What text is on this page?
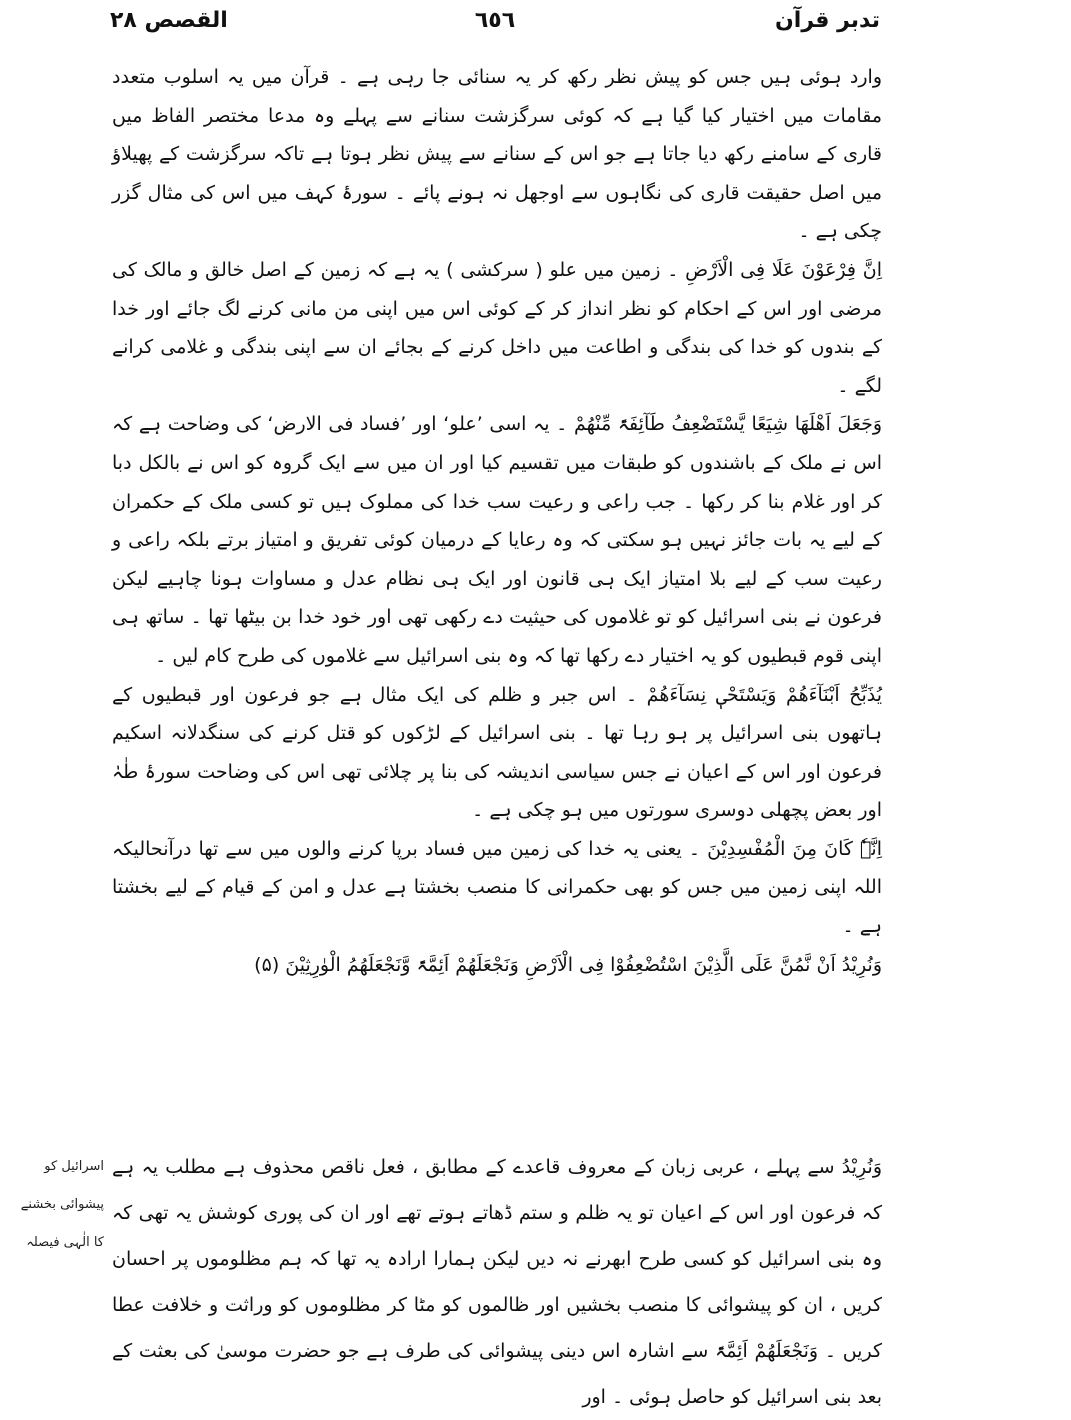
تدبر قرآن
٦٥٦
القصص ٢٨

وارد ہوئی ہیں جس کو پیش نظر رکھ کر یہ سنائی جا رہی ہے ۔ قرآن میں یہ اسلوب متعدد مقامات میں اختیار کیا گیا ہے کہ کوئی سرگزشت سنانے سے پہلے وہ مدعا مختصر الفاظ میں قاری کے سامنے رکھ دیا جاتا ہے جو اس کے سنانے سے پیش نظر ہوتا ہے تاکہ سرگزشت کے پھیلاؤ میں اصل حقیقت قاری کی نگاہوں سے اوجھل نہ ہونے پائے ۔ سورۂ کہف میں اس کی مثال گزر چکی ہے ۔

اِنَّ فِرْعَوْنَ عَلَا فِی الْاَرْضِ ۔ زمین میں علو ( سرکشی ) یہ ہے کہ زمین کے اصل خالق و مالک کی مرضی اور اس کے احکام کو نظر انداز کر کے کوئی اس میں اپنی من مانی کرنے لگ جائے اور خدا کے بندوں کو خدا کی بندگی و اطاعت میں داخل کرنے کے بجائے ان سے اپنی بندگی و غلامی کرانے لگے ۔

وَجَعَلَ اَھْلَھَا شِیَعًا یَّسْتَضْعِفُ طَآئِفَۃً مِّنْھُمْ ۔ یہ اسی ’علو‘ اور ’فساد فی الارض‘ کی وضاحت ہے کہ اس نے ملک کے باشندوں کو طبقات میں تقسیم کیا اور ان میں سے ایک گروہ کو اس نے بالکل دبا کر اور غلام بنا کر رکھا ۔ جب راعی و رعیت سب خدا کی مملوک ہیں تو کسی ملک کے حکمران کے لیے یہ بات جائز نہیں ہو سکتی کہ وہ رعایا کے درمیان کوئی تفریق و امتیاز برتے بلکہ راعی و رعیت سب کے لیے بلا امتیاز ایک ہی قانون اور ایک ہی نظام عدل و مساوات ہونا چاہیے لیکن فرعون نے بنی اسرائیل کو تو غلاموں کی حیثیت دے رکھی تھی اور خود خدا بن بیٹھا تھا ۔ ساتھ ہی اپنی قوم قبطیوں کو یہ اختیار دے رکھا تھا کہ وہ بنی اسرائیل سے غلاموں کی طرح کام لیں ۔

یُذَبِّحُ اَبْنَآءَھُمْ وَیَسْتَحْیٖ نِسَآءَھُمْ ۔ اس جبر و ظلم کی ایک مثال ہے جو فرعون اور قبطیوں کے ہاتھوں بنی اسرائیل پر ہو رہا تھا ۔ بنی اسرائیل کے لڑکوں کو قتل کرنے کی سنگدلانہ اسکیم فرعون اور اس کے اعیان نے جس سیاسی اندیشہ کی بنا پر چلائی تھی اس کی وضاحت سورۂ طٰہٰ اور بعض پچھلی دوسری سورتوں میں ہو چکی ہے ۔

اِنَّہٗ کَانَ مِنَ الْمُفْسِدِیْنَ ۔ یعنی یہ خدا کی زمین میں فساد برپا کرنے والوں میں سے تھا درآنحالیکہ اللہ اپنی زمین میں جس کو بھی حکمرانی کا منصب بخشتا ہے عدل و امن کے قیام کے لیے بخشتا ہے ۔

وَنُرِیْدُ اَنْ نَّمُنَّ عَلَی الَّذِیْنَ اسْتُضْعِفُوْا فِی الْاَرْضِ وَنَجْعَلَھُمْ اَئِمَّۃً وَّنَجْعَلَھُمُ الْوٰرِثِیْنَ (۵)

اسرائیل کو
پیشوائی بخشنے
کا الٰہی فیصلہ

وَنُرِیْدُ سے پہلے ، عربی زبان کے معروف قاعدے کے مطابق ، فعل ناقص محذوف ہے مطلب یہ ہے کہ فرعون اور اس کے اعیان تو یہ ظلم و ستم ڈھاتے ہوتے تھے اور ان کی پوری کوشش یہ تھی کہ وہ بنی اسرائیل کو کسی طرح ابھرنے نہ دیں لیکن ہمارا ارادہ یہ تھا کہ ہم مظلوموں پر احسان کریں ، ان کو پیشوائی کا منصب بخشیں اور ظالموں کو مٹا کر مظلوموں کو وراثت و خلافت عطا کریں ۔ وَنَجْعَلَھُمْ اَئِمَّۃً سے اشارہ اس دینی پیشوائی کی طرف ہے جو حضرت موسیٰ کی بعثت کے بعد بنی اسرائیل کو حاصل ہوئی ۔ اور
